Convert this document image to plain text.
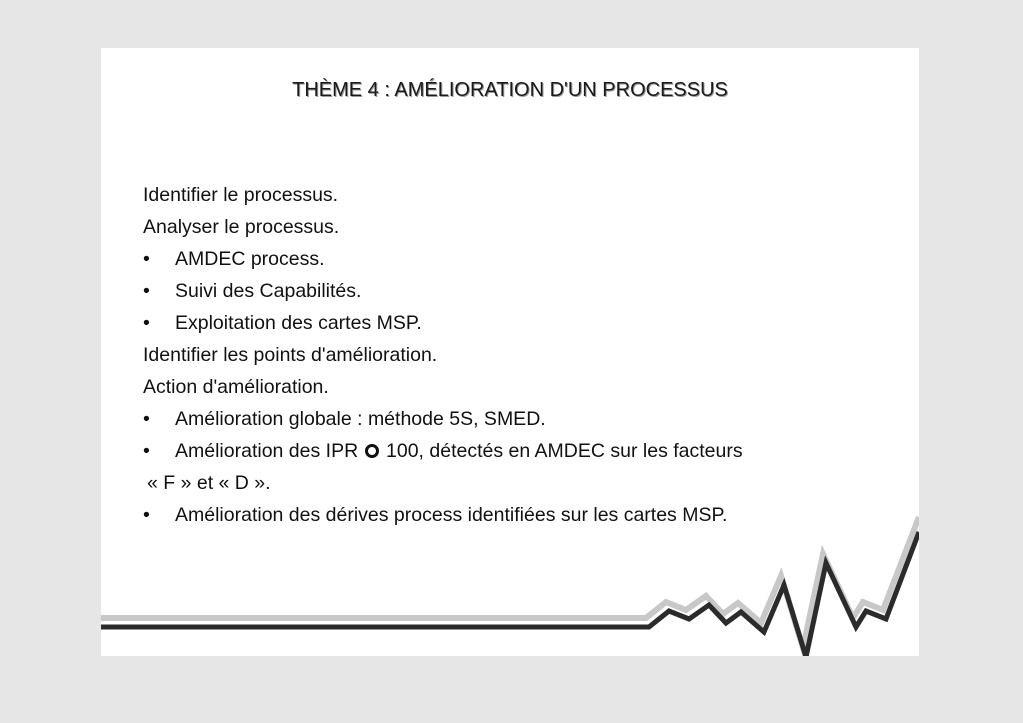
THÈME 4 : AMÉLIORATION D'UN PROCESSUS
Identifier le processus.
Analyser le processus.
•	AMDEC process.
•	Suivi des Capabilités.
•	Exploitation des cartes MSP.
Identifier les points d'amélioration.
Action d'amélioration.
•	Amélioration globale : méthode 5S, SMED.
•	Amélioration des IPR 100, détectés en AMDEC sur les facteurs
« F » et « D ».
•	Amélioration des dérives process identifiées sur les cartes MSP.
